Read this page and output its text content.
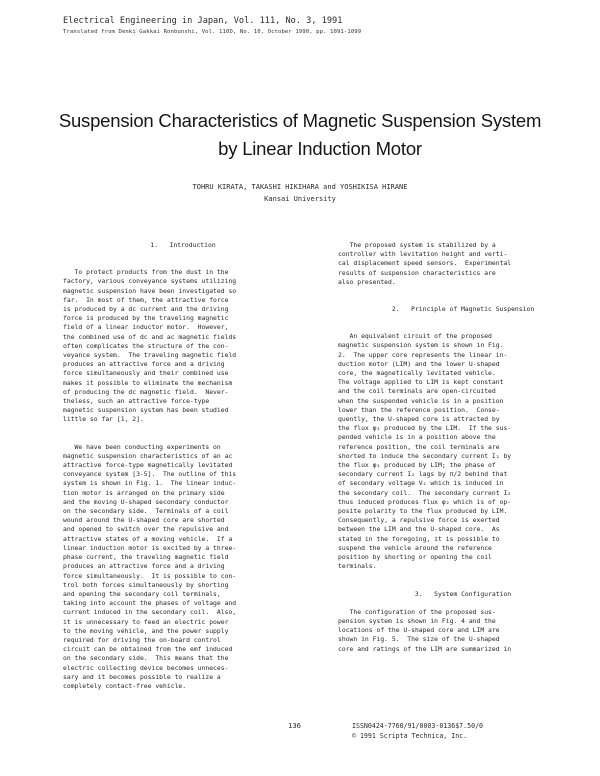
Electrical Engineering in Japan, Vol. 111, No. 3, 1991
Translated from Denki Gakkai Ronbunshi, Vol. 110D, No. 10, October 1990, pp. 1091-1099
Suspension Characteristics of Magnetic Suspension System
by Linear Induction Motor
TOHRU KIRATA, TAKASHI HIKIHARA and YOSHIKISA HIRANE
Kansai University
1.   Introduction

To protect products from the dust in the

factory, various conveyance systems utilizing

magnetic suspension have been investigated so

far.  In most of them, the attractive force

is produced by a dc current and the driving

force is produced by the traveling magnetic

field of a linear inductor motor.  However,

the combined use of dc and ac magnetic fields

often complicates the structure of the con-

veyance system.  The traveling magnetic field

produces an attractive force and a driving

force simultaneously and their combined use

makes it possible to eliminate the mechanism

of producing the dc magnetic field.  Never-

theless, such an attractive force-type

magnetic suspension system has been studied

little so far [1, 2].

We have been conducting experiments on

magnetic suspension characteristics of an ac

attractive force-type magnetically levitated

conveyance system [3-5].  The outline of this

system is shown in Fig. 1.  The linear induc-

tion motor is arranged on the primary side

and the moving U-shaped secondary conductor

on the secondary side.  Terminals of a coil

wound around the U-shaped core are shorted

and opened to switch over the repulsive and

attractive states of a moving vehicle.  If a

linear induction motor is excited by a three-

phase current, the traveling magnetic field

produces an attractive force and a driving

force simultaneously.  It is possible to con-

trol both forces simultaneously by shorting

and opening the secondary coil terminals,

taking into account the phases of voltage and

current induced in the secondary coil.  Also,

it is unnecessary to feed an electric power

to the moving vehicle, and the power supply

required for driving the on-board control

circuit can be obtained from the emf induced

on the secondary side.  This means that the

electric collecting device becomes unneces-

sary and it becomes possible to realize a

completely contact-free vehicle.

The proposed system is stabilized by a

controller with levitation height and verti-

cal displacement speed sensors.  Experimental

results of suspension characteristics are

also presented.

2.   Principle of Magnetic Suspension

An equivalent circuit of the proposed

magnetic suspension system is shown in Fig.

2.  The upper core represents the linear in-

duction motor (LIM) and the lower U-shaped

core, the magnetically levitated vehicle.

The voltage applied to LIM is kept constant

and the coil terminals are open-circuited

when the suspended vehicle is in a position

lower than the reference position.  Conse-

quently, the U-shaped core is attracted by

the flux φ₁ produced by the LIM.  If the sus-

pended vehicle is in a position above the

reference position, the coil terminals are

shorted to induce the secondary current I₂ by

the flux φ₁ produced by LIM; the phase of

secondary current I₂ lags by π/2 behind that

of secondary voltage V₂ which is induced in

the secondary coil.  The secondary current I₂

thus induced produces flux φ₂ which is of op-

posite polarity to the flux produced by LIM.

Consequently, a repulsive force is exerted

between the LIM and the U-shaped core.  As

stated in the foregoing, it is possible to

suspend the vehicle around the reference

position by shorting or opening the coil

terminals.

3.   System Configuration

The configuration of the proposed sus-

pension system is shown in Fig. 4 and the

locations of the U-shaped core and LIM are

shown in Fig. 5.  The size of the U-shaped

core and ratings of the LIM are summarized in

136	ISSN0424-7760/91/0003-0136$7.50/0
© 1991 Scripta Technica, Inc.
